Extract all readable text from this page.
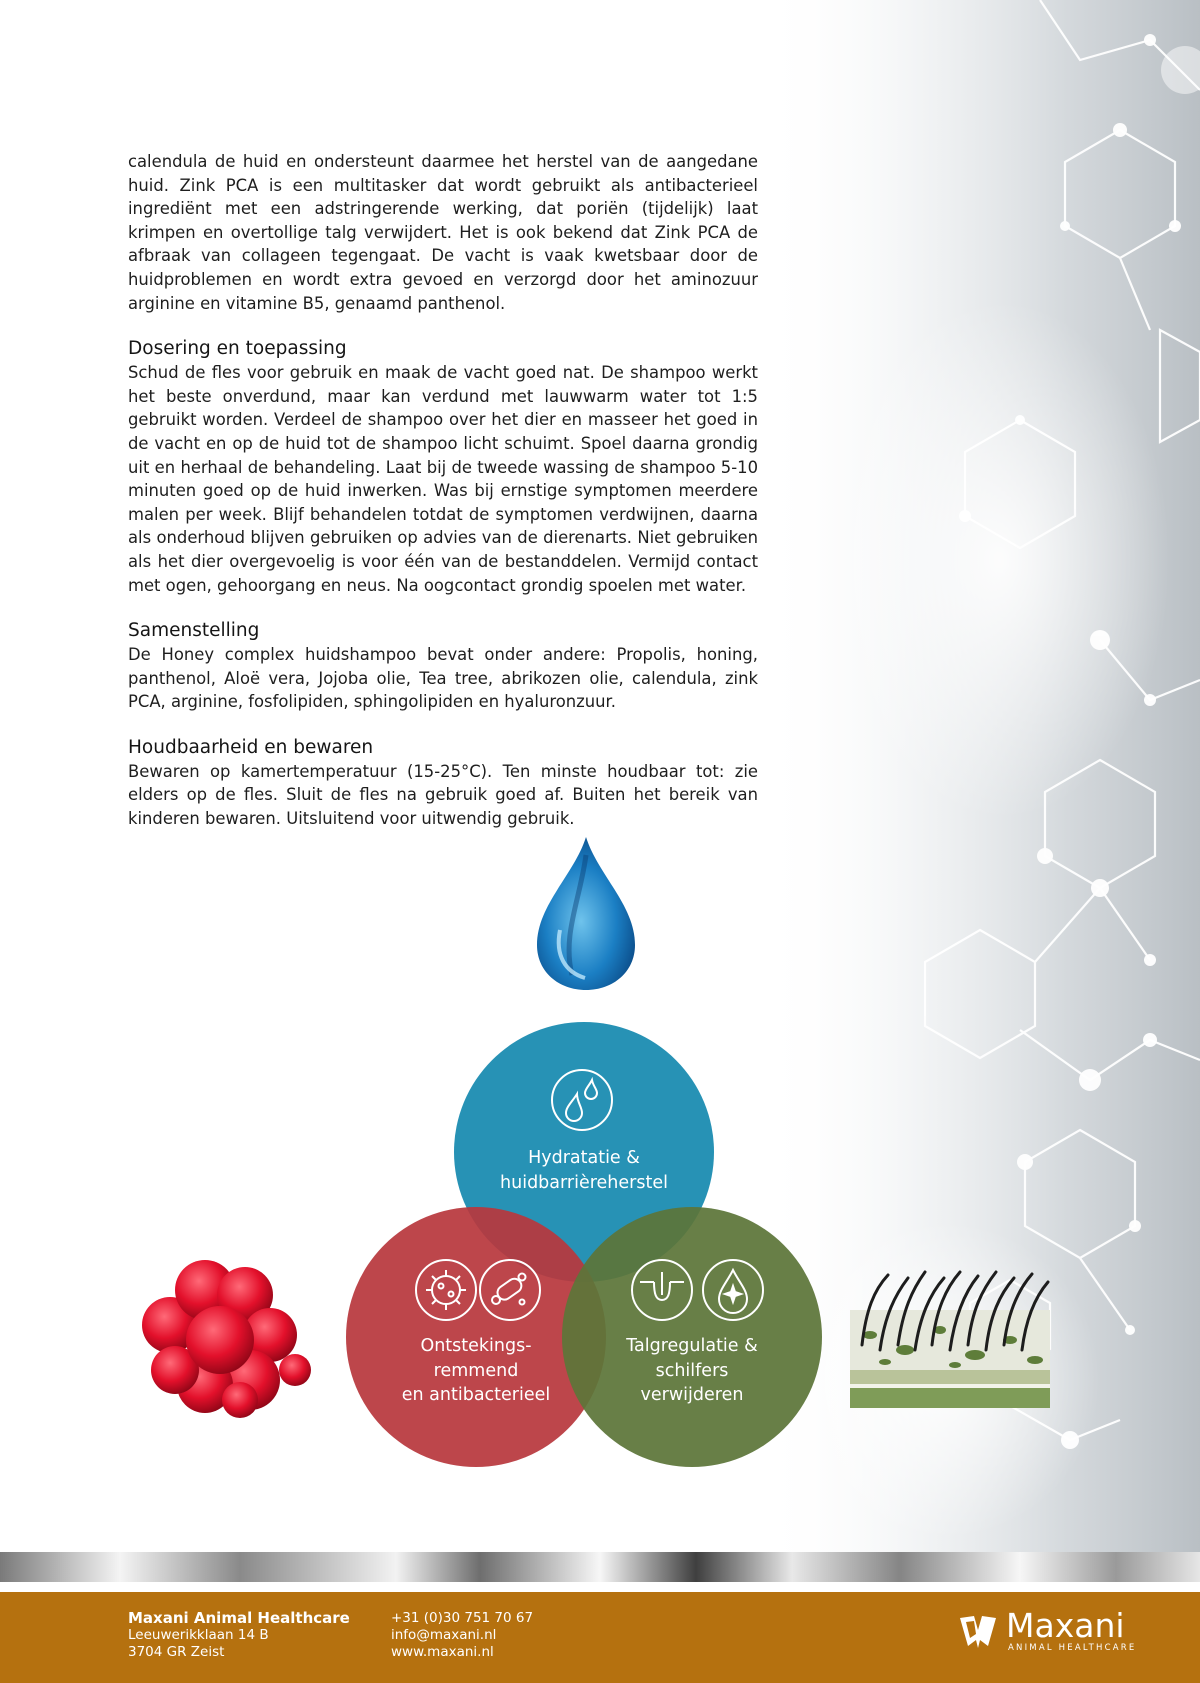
calendula de huid en ondersteunt daarmee het herstel van de aangedane huid. Zink PCA is een multitasker dat wordt gebruikt als antibacterieel ingrediënt met een adstringerende werking, dat poriën (tijdelijk) laat krimpen en overtollige talg verwijdert. Het is ook bekend dat Zink PCA de afbraak van collageen tegengaat. De vacht is vaak kwetsbaar door de huidproblemen en wordt extra gevoed en verzorgd door het aminozuur arginine en vitamine B5, genaamd panthenol.

Dosering en toepassing

Schud de fles voor gebruik en maak de vacht goed nat. De shampoo werkt het beste onverdund, maar kan verdund met lauwwarm water tot 1:5 gebruikt worden. Verdeel de shampoo over het dier en masseer het goed in de vacht en op de huid tot de shampoo licht schuimt. Spoel daarna grondig uit en herhaal de behandeling. Laat bij de tweede wassing de shampoo 5-10 minuten goed op de huid inwerken. Was bij ernstige symptomen meerdere malen per week. Blijf behandelen totdat de symptomen verdwijnen, daarna als onderhoud blijven gebruiken op advies van de dierenarts. Niet gebruiken als het dier overgevoelig is voor één van de bestanddelen. Vermijd contact met ogen, gehoorgang en neus. Na oogcontact grondig spoelen met water.

Samenstelling

De Honey complex huidshampoo bevat onder andere: Propolis, honing, panthenol, Aloë vera, Jojoba olie, Tea tree, abrikozen olie, calendula, zink PCA, arginine, fosfolipiden, sphingolipiden en hyaluronzuur.

Houdbaarheid en bewaren

Bewaren op kamertemperatuur (15-25°C). Ten minste houdbaar tot: zie elders op de fles. Sluit de fles na gebruik goed af. Buiten het bereik van kinderen bewaren. Uitsluitend voor uitwendig gebruik.

Hydratatie &
huidbarrièreherstel
Ontstekings-
remmend
en antibacterieel
Talgregulatie &
schilfers
verwijderen
Maxani Animal Healthcare
Leeuwerikklaan 14 B
3704 GR Zeist
+31 (0)30 751 70 67
info@maxani.nl
www.maxani.nl
Maxani
ANIMAL HEALTHCARE
